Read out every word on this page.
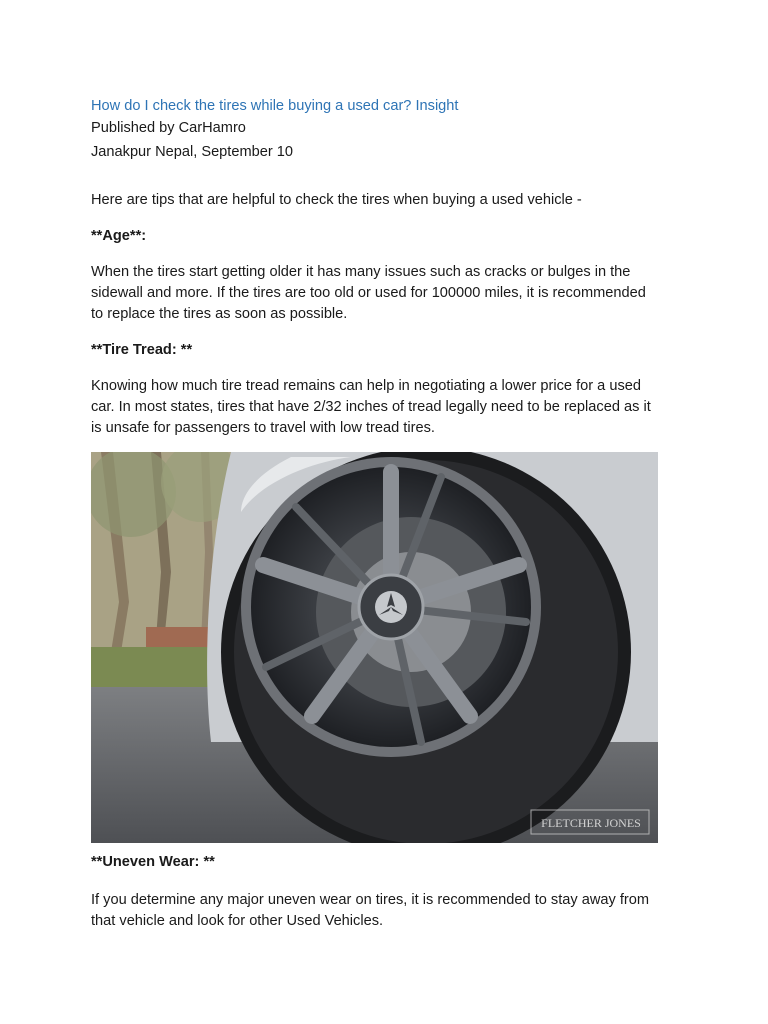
How do I check the tires while buying a used car? Insight

Published by CarHamro

Janakpur Nepal, September 10

Here are tips that are helpful to check the tires when buying a used vehicle -

**Age**:

When the tires start getting older it has many issues such as cracks or bulges in the

sidewall and more. If the tires are too old or used for 100000 miles, it is recommended

to replace the tires as soon as possible.

**Tire Tread: **

Knowing how much tire tread remains can help in negotiating a lower price for a used

car. In most states, tires that have 2/32 inches of tread legally need to be replaced as it

is unsafe for passengers to travel with low tread tires.

FLETCHER JONES

**Uneven Wear: **

If you determine any major uneven wear on tires, it is recommended to stay away from

that vehicle and look for other Used Vehicles.
